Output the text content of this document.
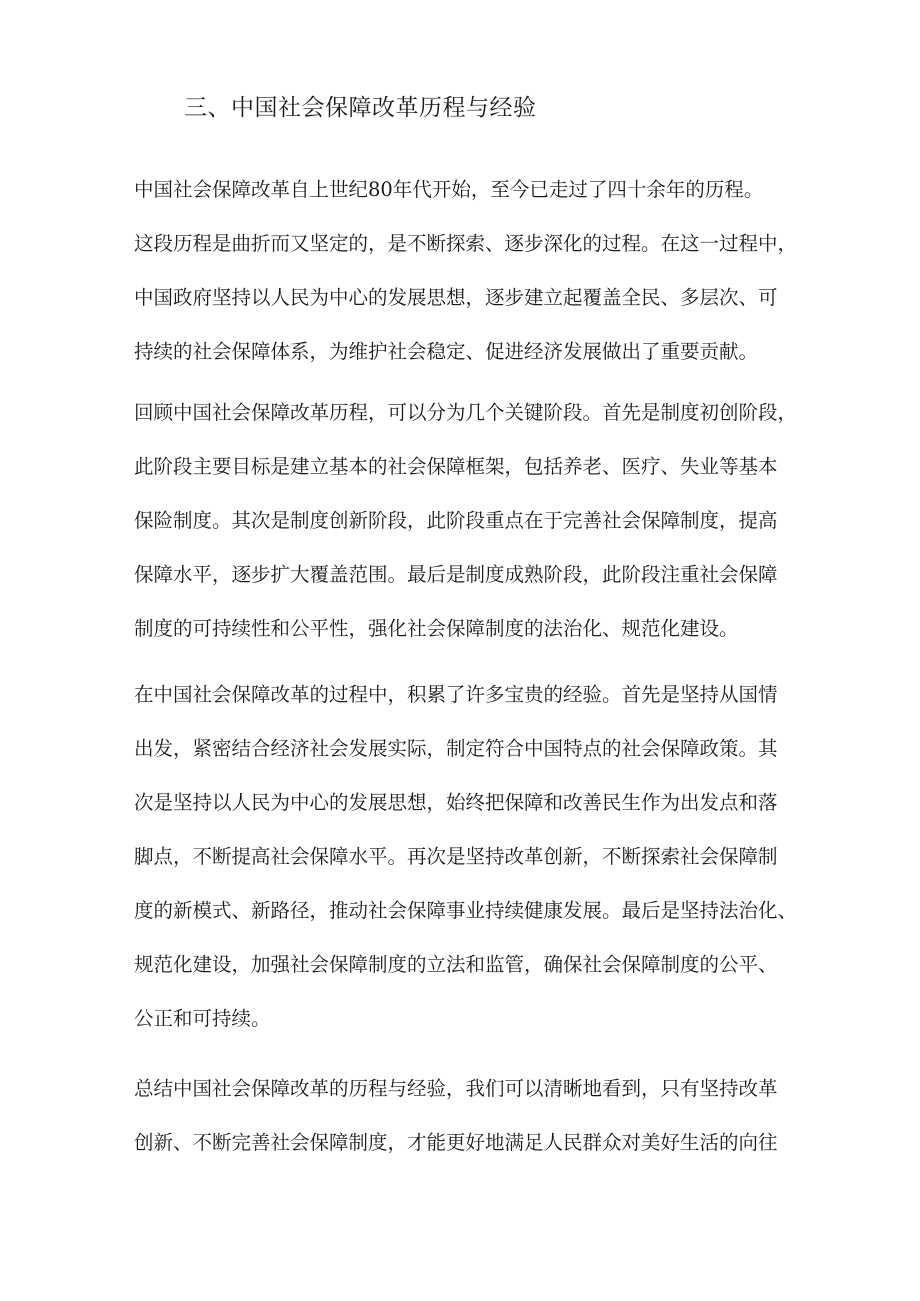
三、中国社会保障改革历程与经验
中国社会保障改革自上世纪80年代开始，至今已走过了四十余年的历程。
这段历程是曲折而又坚定的，是不断探索、逐步深化的过程。在这一过程中，
中国政府坚持以人民为中心的发展思想，逐步建立起覆盖全民、多层次、可
持续的社会保障体系，为维护社会稳定、促进经济发展做出了重要贡献。
回顾中国社会保障改革历程，可以分为几个关键阶段。首先是制度初创阶段，
此阶段主要目标是建立基本的社会保障框架，包括养老、医疗、失业等基本
保险制度。其次是制度创新阶段，此阶段重点在于完善社会保障制度，提高
保障水平，逐步扩大覆盖范围。最后是制度成熟阶段，此阶段注重社会保障
制度的可持续性和公平性，强化社会保障制度的法治化、规范化建设。
在中国社会保障改革的过程中，积累了许多宝贵的经验。首先是坚持从国情
出发，紧密结合经济社会发展实际，制定符合中国特点的社会保障政策。其
次是坚持以人民为中心的发展思想，始终把保障和改善民生作为出发点和落
脚点，不断提高社会保障水平。再次是坚持改革创新，不断探索社会保障制
度的新模式、新路径，推动社会保障事业持续健康发展。最后是坚持法治化、
规范化建设，加强社会保障制度的立法和监管，确保社会保障制度的公平、
公正和可持续。
总结中国社会保障改革的历程与经验，我们可以清晰地看到，只有坚持改革
创新、不断完善社会保障制度，才能更好地满足人民群众对美好生活的向往
